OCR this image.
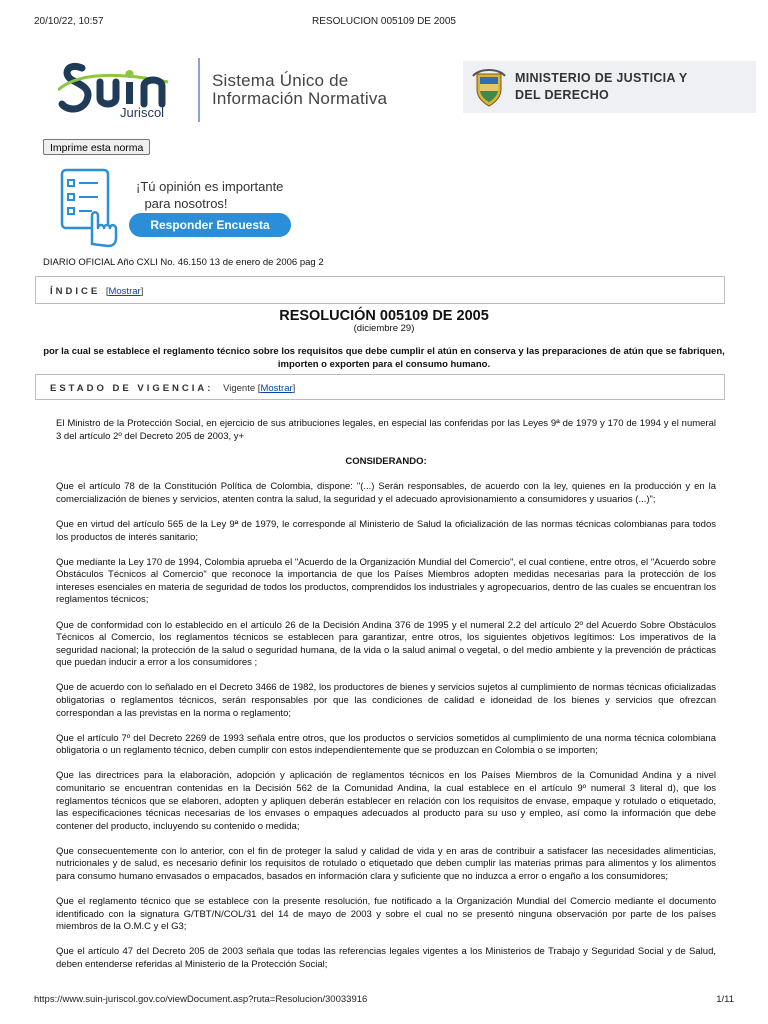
20/10/22, 10:57	RESOLUCION 005109 DE 2005
Juriscol
Sistema Único de
Información Normativa
MINISTERIO DE JUSTICIA Y
DEL DERECHO
Imprime esta norma
¡Tú opinión es importante
para nosotros!
Responder Encuesta
DIARIO OFICIAL Año CXLI No. 46.150 13 de enero de 2006 pag 2
ÍNDICE [Mostrar]
RESOLUCIÓN 005109 DE 2005
(diciembre 29)
por la cual se establece el reglamento técnico sobre los requisitos que debe cumplir el atún en conserva y las preparaciones de atún que se fabriquen, importen o exporten para el consumo humano.
ESTADO DE VIGENCIA: Vigente [Mostrar]

El Ministro de la Protección Social, en ejercicio de sus atribuciones legales, en especial las conferidas por las Leyes 9ª de 1979 y 170 de 1994 y el numeral 3 del artículo 2º del Decreto 205 de 2003, y+

CONSIDERANDO:

Que el artículo 78 de la Constitución Política de Colombia, dispone: "(...) Serán responsables, de acuerdo con la ley, quienes en la producción y en la comercialización de bienes y servicios, atenten contra la salud, la seguridad y el adecuado aprovisionamiento a consumidores y usuarios (...)";

Que en virtud del artículo 565 de la Ley 9ª de 1979, le corresponde al Ministerio de Salud la oficialización de las normas técnicas colombianas para todos los productos de interés sanitario;

Que mediante la Ley 170 de 1994, Colombia aprueba el "Acuerdo de la Organización Mundial del Comercio", el cual contiene, entre otros, el "Acuerdo sobre Obstáculos Técnicos al Comercio" que reconoce la importancia de que los Países Miembros adopten medidas necesarias para la protección de los intereses esenciales en materia de seguridad de todos los productos, comprendidos los industriales y agropecuarios, dentro de las cuales se encuentran los reglamentos técnicos;

Que de conformidad con lo establecido en el artículo 26 de la Decisión Andina 376 de 1995 y el numeral 2.2 del artículo 2º del Acuerdo Sobre Obstáculos Técnicos al Comercio, los reglamentos técnicos se establecen para garantizar, entre otros, los siguientes objetivos legítimos: Los imperativos de la seguridad nacional; la protección de la salud o seguridad humana, de la vida o la salud animal o vegetal, o del medio ambiente y la prevención de prácticas que puedan inducir a error a los consumidores ;

Que de acuerdo con lo señalado en el Decreto 3466 de 1982, los productores de bienes y servicios sujetos al cumplimiento de normas técnicas oficializadas obligatorias o reglamentos técnicos, serán responsables por que las condiciones de calidad e idoneidad de los bienes y servicios que ofrezcan correspondan a las previstas en la norma o reglamento;

Que el artículo 7º del Decreto 2269 de 1993 señala entre otros, que los productos o servicios sometidos al cumplimiento de una norma técnica colombiana obligatoria o un reglamento técnico, deben cumplir con estos independientemente que se produzcan en Colombia o se importen;

Que las directrices para la elaboración, adopción y aplicación de reglamentos técnicos en los Países Miembros de la Comunidad Andina y a nivel comunitario se encuentran contenidas en la Decisión 562 de la Comunidad Andina, la cual establece en el artículo 9º numeral 3 literal d), que los reglamentos técnicos que se elaboren, adopten y apliquen deberán establecer en relación con los requisitos de envase, empaque y rotulado o etiquetado, las especificaciones técnicas necesarias de los envases o empaques adecuados al producto para su uso y empleo, así como la información que debe contener del producto, incluyendo su contenido o medida;

Que consecuentemente con lo anterior, con el fin de proteger la salud y calidad de vida y en aras de contribuir a satisfacer las necesidades alimenticias, nutricionales y de salud, es necesario definir los requisitos de rotulado o etiquetado que deben cumplir las materias primas para alimentos y los alimentos para consumo humano envasados o empacados, basados en información clara y suficiente que no induzca a error o engaño a los consumidores;

Que el reglamento técnico que se establece con la presente resolución, fue notificado a la Organización Mundial del Comercio mediante el documento identificado con la signatura G/TBT/N/COL/31 del 14 de mayo de 2003 y sobre el cual no se presentó ninguna observación por parte de los países miembros de la O.M.C y el G3;

Que el artículo 47 del Decreto 205 de 2003 señala que todas las referencias legales vigentes a los Ministerios de Trabajo y Seguridad Social y de Salud, deben entenderse referidas al Ministerio de la Protección Social;

https://www.suin-juriscol.gov.co/viewDocument.asp?ruta=Resolucion/30033916	1/11
